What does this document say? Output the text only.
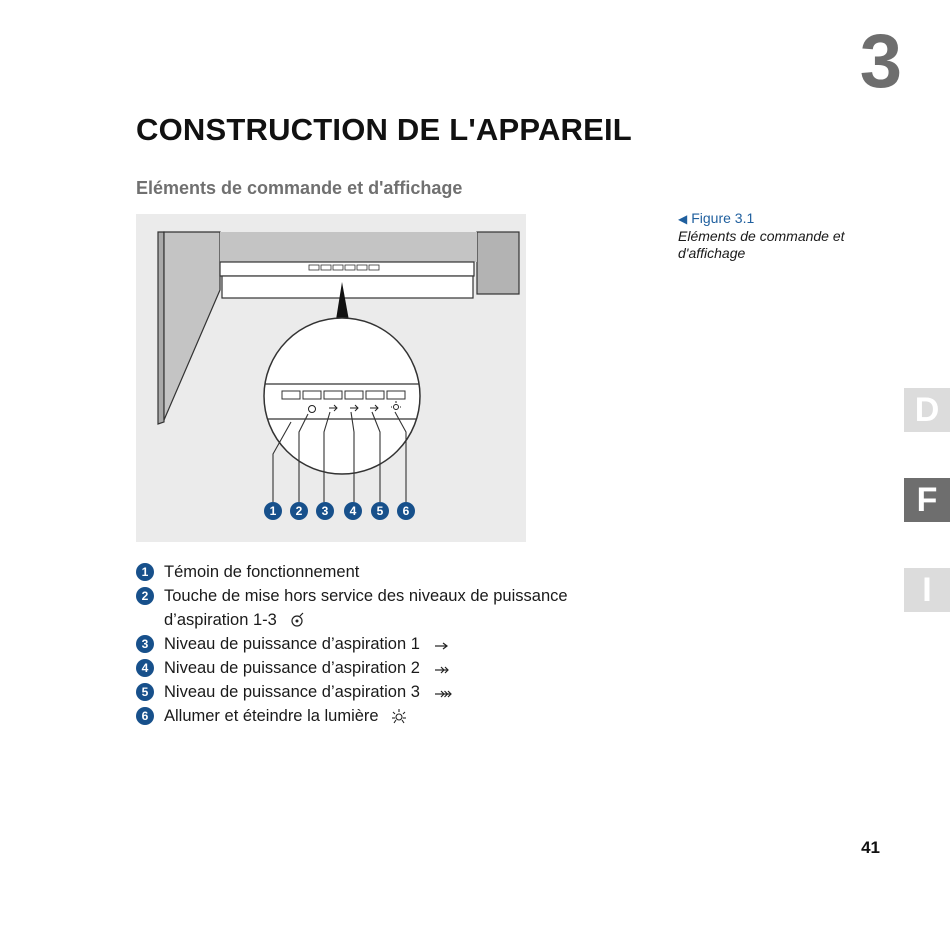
3
CONSTRUCTION DE L'APPAREIL
Eléments de commande et d'affichage
1	2	3	4	5	6
◀ Figure 3.1
Eléments de commande et d'affichage
D
F
I
1 Témoin de fonctionnement
2 Touche de mise hors service des niveaux de puissance d’aspiration 1-3
3 Niveau de puissance d’aspiration 1
4 Niveau de puissance d’aspiration 2
5 Niveau de puissance d’aspiration 3
6 Allumer et éteindre la lumière
41
